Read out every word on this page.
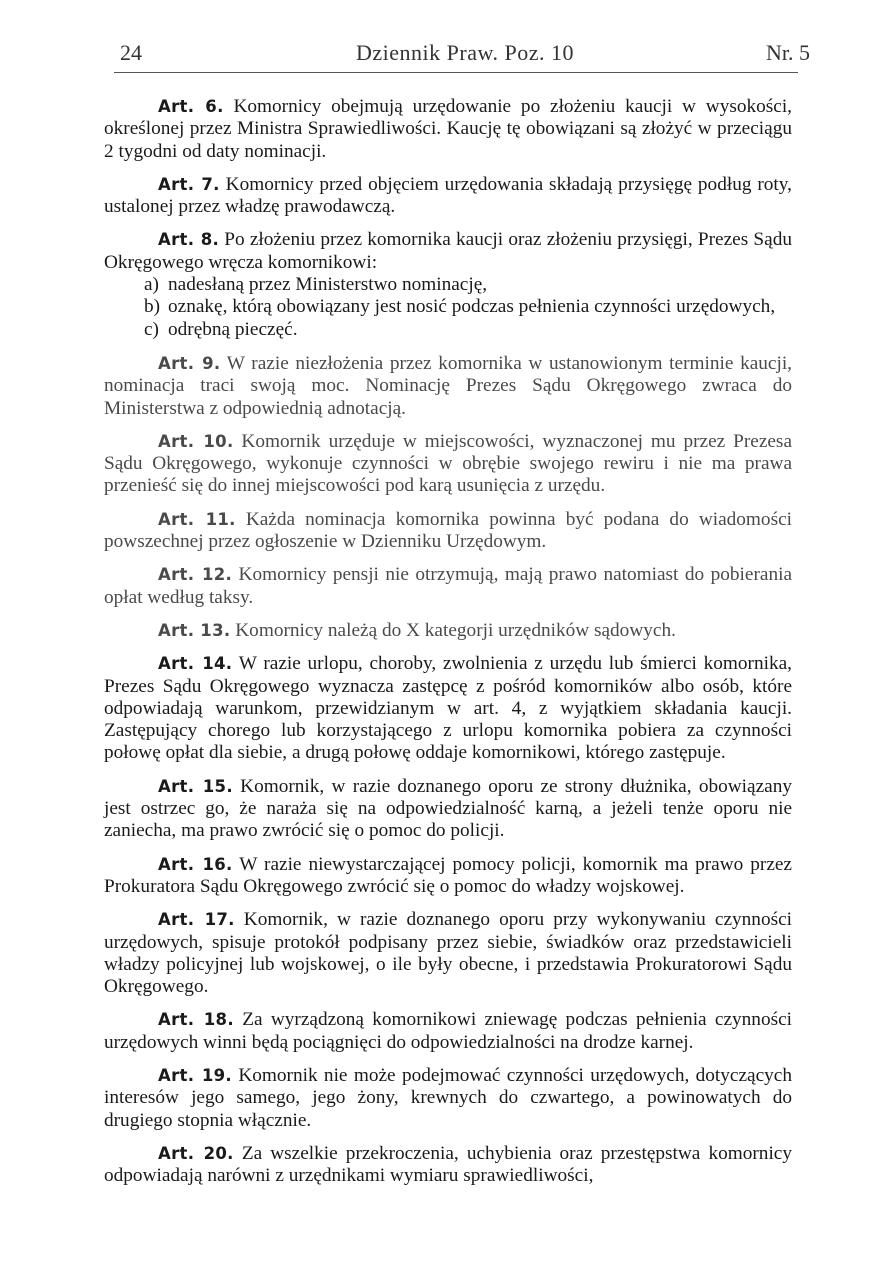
24	Dziennik Praw. Poz. 10	Nr. 5

Art. 6. Komornicy obejmują urzędowanie po złożeniu kaucji w wysokości, określonej przez Ministra Sprawiedliwości. Kaucję tę obowiązani są złożyć w przeciągu 2 tygodni od daty nominacji.

Art. 7. Komornicy przed objęciem urzędowania składają przysięgę podług roty, ustalonej przez władzę prawodawczą.

Art. 8. Po złożeniu przez komornika kaucji oraz złożeniu przysięgi, Prezes Sądu Okręgowego wręcza komornikowi:

a) nadesłaną przez Ministerstwo nominację,
b) oznakę, którą obowiązany jest nosić podczas pełnienia czynności urzędowych,
c) odrębną pieczęć.

Art. 9. W razie niezłożenia przez komornika w ustanowionym terminie kaucji, nominacja traci swoją moc. Nominację Prezes Sądu Okręgowego zwraca do Ministerstwa z odpowiednią adnotacją.

Art. 10. Komornik urzęduje w miejscowości, wyznaczonej mu przez Prezesa Sądu Okręgowego, wykonuje czynności w obrębie swojego rewiru i nie ma prawa przenieść się do innej miejscowości pod karą usunięcia z urzędu.

Art. 11. Każda nominacja komornika powinna być podana do wiadomości powszechnej przez ogłoszenie w Dzienniku Urzędowym.

Art. 12. Komornicy pensji nie otrzymują, mają prawo natomiast do pobierania opłat według taksy.

Art. 13. Komornicy należą do X kategorji urzędników sądowych.

Art. 14. W razie urlopu, choroby, zwolnienia z urzędu lub śmierci komornika, Prezes Sądu Okręgowego wyznacza zastępcę z pośród komorników albo osób, które odpowiadają warunkom, przewidzianym w art. 4, z wyjątkiem składania kaucji. Zastępujący chorego lub korzystającego z urlopu komornika pobiera za czynności połowę opłat dla siebie, a drugą połowę oddaje komornikowi, którego zastępuje.

Art. 15. Komornik, w razie doznanego oporu ze strony dłużnika, obowiązany jest ostrzec go, że naraża się na odpowiedzialność karną, a jeżeli tenże oporu nie zaniecha, ma prawo zwrócić się o pomoc do policji.

Art. 16. W razie niewystarczającej pomocy policji, komornik ma prawo przez Prokuratora Sądu Okręgowego zwrócić się o pomoc do władzy wojskowej.

Art. 17. Komornik, w razie doznanego oporu przy wykonywaniu czynności urzędowych, spisuje protokół podpisany przez siebie, świadków oraz przedstawicieli władzy policyjnej lub wojskowej, o ile były obecne, i przedstawia Prokuratorowi Sądu Okręgowego.

Art. 18. Za wyrządzoną komornikowi zniewagę podczas pełnienia czynności urzędowych winni będą pociągnięci do odpowiedzialności na drodze karnej.

Art. 19. Komornik nie może podejmować czynności urzędowych, dotyczących interesów jego samego, jego żony, krewnych do czwartego, a powinowatych do drugiego stopnia włącznie.

Art. 20. Za wszelkie przekroczenia, uchybienia oraz przestępstwa komornicy odpowiadają narówni z urzędnikami wymiaru sprawiedliwości,
